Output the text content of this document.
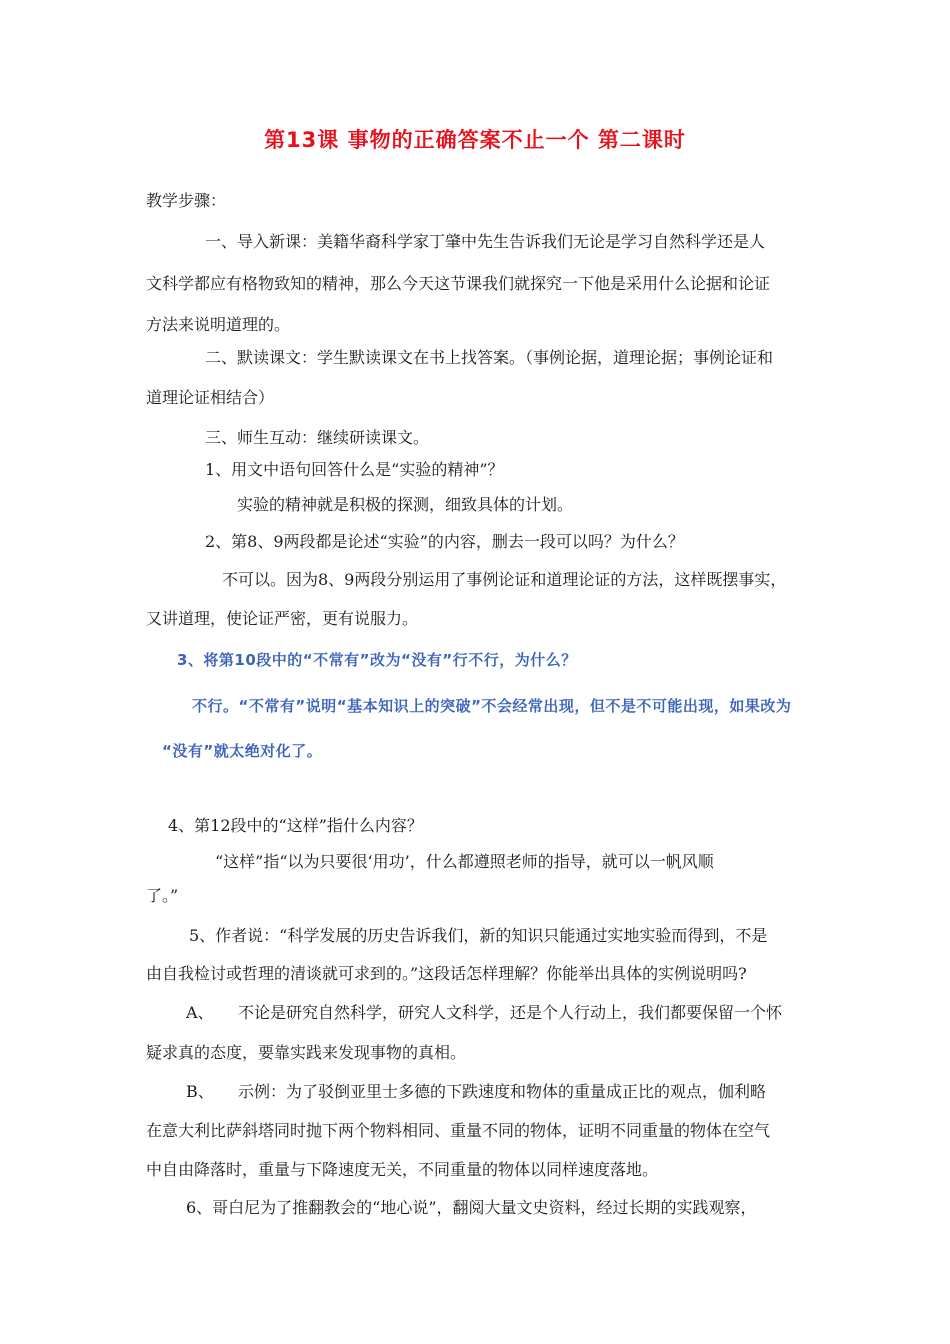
第13课 事物的正确答案不止一个 第二课时
教学步骤：
一、导入新课：美籍华裔科学家丁肇中先生告诉我们无论是学习自然科学还是人
文科学都应有格物致知的精神，那么今天这节课我们就探究一下他是采用什么论据和论证
方法来说明道理的。
二、默读课文：学生默读课文在书上找答案。（事例论据，道理论据；事例论证和
道理论证相结合）
三、师生互动：继续研读课文。
1、用文中语句回答什么是“实验的精神”？
实验的精神就是积极的探测，细致具体的计划。
2、第8、9两段都是论述“实验”的内容，删去一段可以吗？为什么？
不可以。因为8、9两段分别运用了事例论证和道理论证的方法，这样既摆事实，
又讲道理，使论证严密，更有说服力。
3、将第10段中的“不常有”改为“没有”行不行，为什么？
不行。“不常有”说明“基本知识上的突破”不会经常出现，但不是不可能出现，如果改为
“没有”就太绝对化了。
4、第12段中的“这样”指什么内容？
“这样”指“以为只要很‘用功’，什么都遵照老师的指导，就可以一帆风顺
了。”
5、作者说：“科学发展的历史告诉我们，新的知识只能通过实地实验而得到，不是
由自我检讨或哲理的清谈就可求到的。”这段话怎样理解？你能举出具体的实例说明吗?
A、 不论是研究自然科学，研究人文科学，还是个人行动上，我们都要保留一个怀
疑求真的态度，要靠实践来发现事物的真相。
B、 示例：为了驳倒亚里士多德的下跌速度和物体的重量成正比的观点，伽利略
在意大利比萨斜塔同时抛下两个物料相同、重量不同的物体，证明不同重量的物体在空气
中自由降落时，重量与下降速度无关，不同重量的物体以同样速度落地。
6、哥白尼为了推翻教会的“地心说”，翻阅大量文史资料，经过长期的实践观察，
